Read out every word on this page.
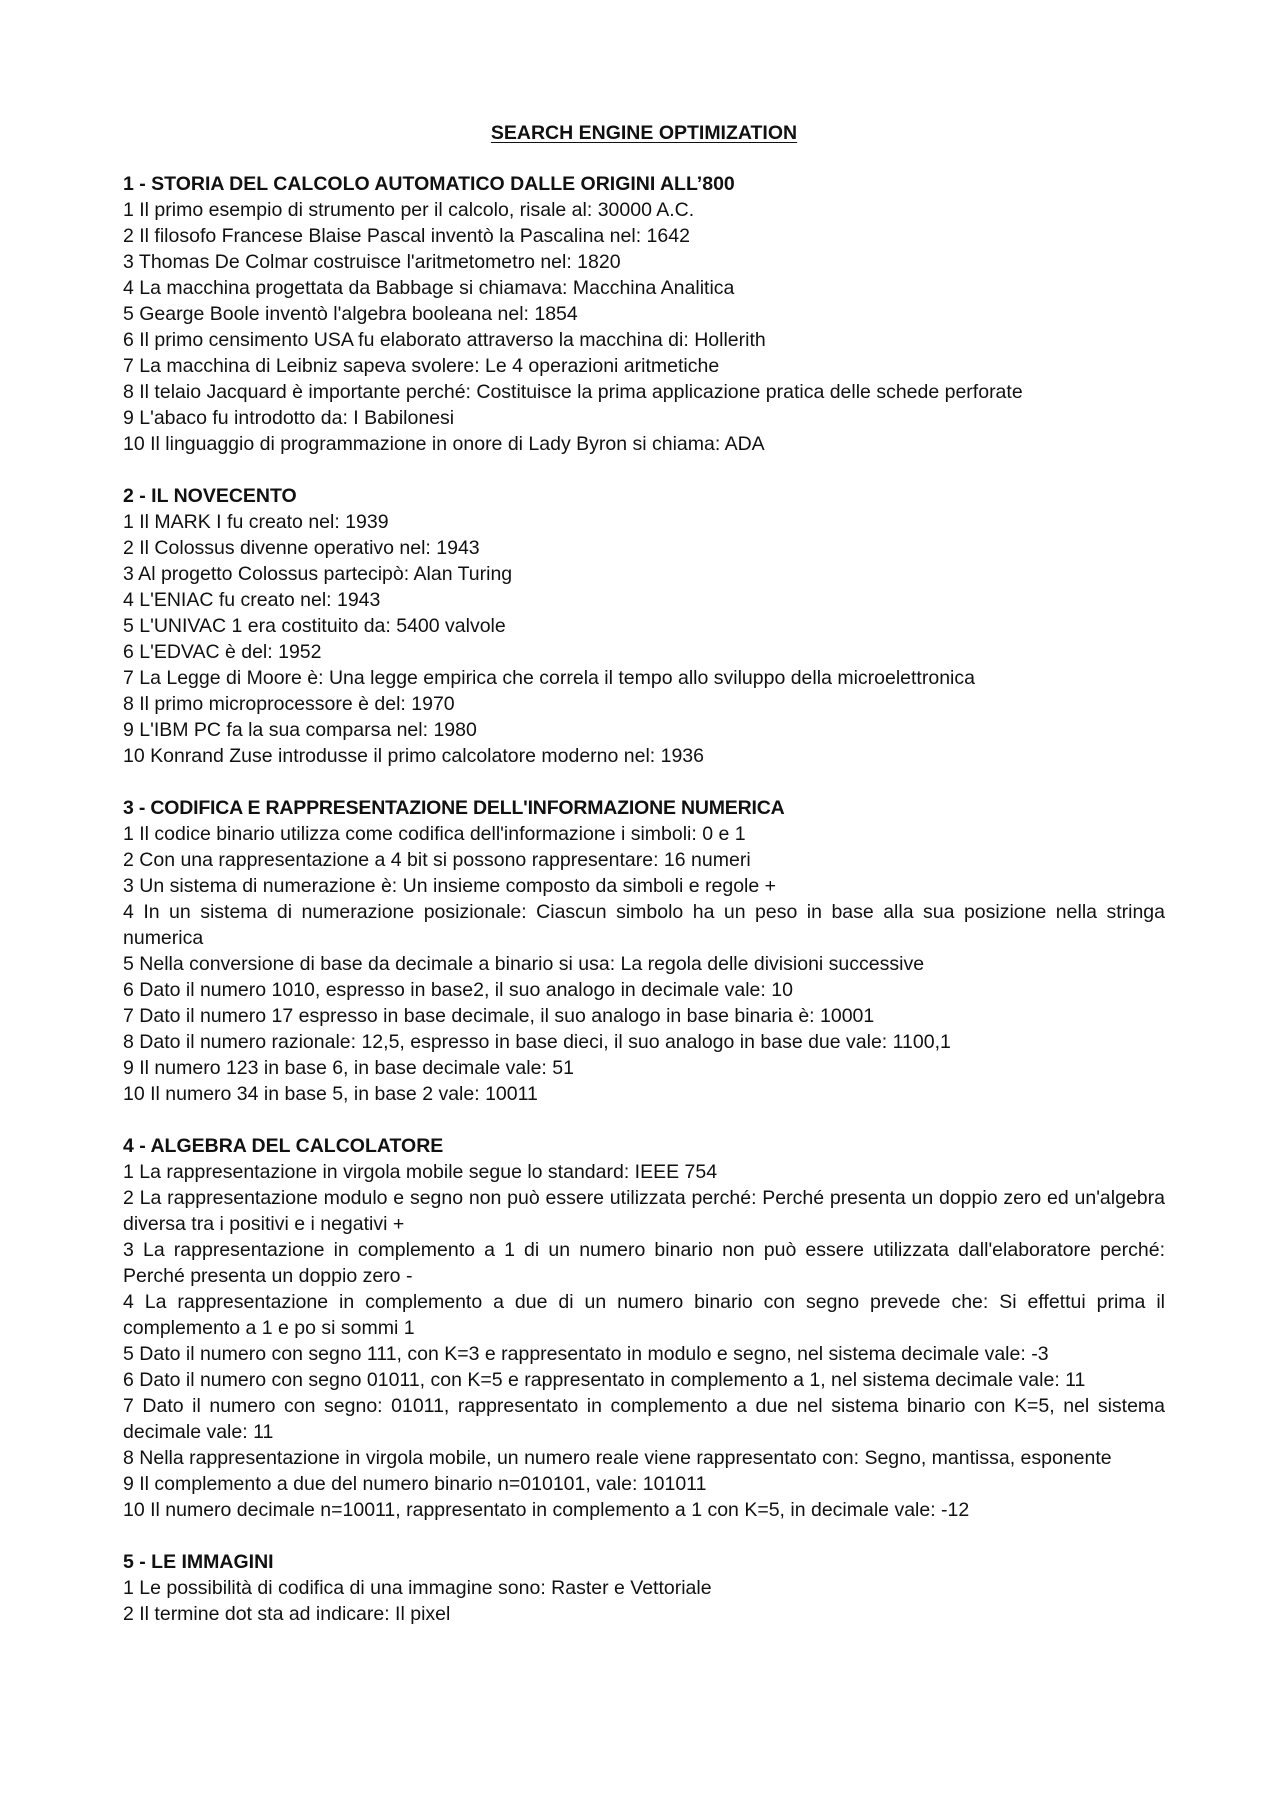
SEARCH ENGINE OPTIMIZATION
1 - STORIA DEL CALCOLO AUTOMATICO DALLE ORIGINI ALL’800
1 Il primo esempio di strumento per il calcolo, risale al: 30000 A.C.
2 Il filosofo Francese Blaise Pascal inventò la Pascalina nel: 1642
3 Thomas De Colmar costruisce l'aritmetometro nel: 1820
4 La macchina progettata da Babbage si chiamava: Macchina Analitica
5 Gearge Boole inventò l'algebra booleana nel: 1854
6 Il primo censimento USA fu elaborato attraverso la macchina di: Hollerith
7 La macchina di Leibniz sapeva svolere: Le 4 operazioni aritmetiche
8 Il telaio Jacquard è importante perché: Costituisce la prima applicazione pratica delle schede perforate
9 L'abaco fu introdotto da: I Babilonesi
10 Il linguaggio di programmazione in onore di Lady Byron si chiama: ADA
2 - IL NOVECENTO
1 Il MARK I fu creato nel: 1939
2 Il Colossus divenne operativo nel: 1943
3 Al progetto Colossus partecipò: Alan Turing
4 L'ENIAC fu creato nel: 1943
5 L'UNIVAC 1 era costituito da: 5400 valvole
6 L'EDVAC è del: 1952
7 La Legge di Moore è: Una legge empirica che correla il tempo allo sviluppo della microelettronica
8 Il primo microprocessore è del: 1970
9 L'IBM PC fa la sua comparsa nel: 1980
10 Konrand Zuse introdusse il primo calcolatore moderno nel: 1936
3 - CODIFICA E RAPPRESENTAZIONE DELL'INFORMAZIONE NUMERICA
1 Il codice binario utilizza come codifica dell'informazione i simboli: 0 e 1
2 Con una rappresentazione a 4 bit si possono rappresentare: 16 numeri
3 Un sistema di numerazione è: Un insieme composto da simboli e regole +
4 In un sistema di numerazione posizionale: Ciascun simbolo ha un peso in base alla sua posizione nella stringa numerica
5 Nella conversione di base da decimale a binario si usa: La regola delle divisioni successive
6 Dato il numero 1010, espresso in base2, il suo analogo in decimale vale: 10
7 Dato il numero 17 espresso in base decimale, il suo analogo in base binaria è: 10001
8 Dato il numero razionale: 12,5, espresso in base dieci, il suo analogo in base due vale: 1100,1
9 Il numero 123 in base 6, in base decimale vale: 51
10 Il numero 34 in base 5, in base 2 vale: 10011
4 - ALGEBRA DEL CALCOLATORE
1 La rappresentazione in virgola mobile segue lo standard: IEEE 754
2 La rappresentazione modulo e segno non può essere utilizzata perché: Perché presenta un doppio zero ed un'algebra diversa tra i positivi e i negativi +
3 La rappresentazione in complemento a 1 di un numero binario non può essere utilizzata dall'elaboratore perché: Perché presenta un doppio zero -
4 La rappresentazione in complemento a due di un numero binario con segno prevede che: Si effettui prima il complemento a 1 e po si sommi 1
5 Dato il numero con segno 111, con K=3 e rappresentato in modulo e segno, nel sistema decimale vale: -3
6 Dato il numero con segno 01011, con K=5 e rappresentato in complemento a 1, nel sistema decimale vale: 11
7 Dato il numero con segno: 01011, rappresentato in complemento a due nel sistema binario con K=5, nel sistema decimale vale: 11
8 Nella rappresentazione in virgola mobile, un numero reale viene rappresentato con: Segno, mantissa, esponente
9 Il complemento a due del numero binario n=010101, vale: 101011
10 Il numero decimale n=10011, rappresentato in complemento a 1 con K=5, in decimale vale: -12
5 - LE IMMAGINI
1 Le possibilità di codifica di una immagine sono: Raster e Vettoriale
2 Il termine dot sta ad indicare: Il pixel
